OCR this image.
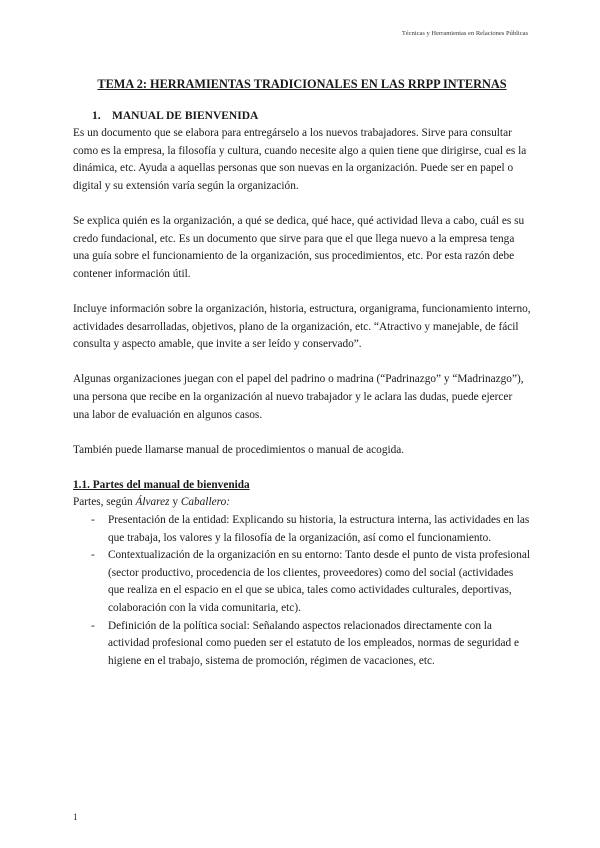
Técnicas y Herramientas en Relaciones Públicas
TEMA 2: HERRAMIENTAS TRADICIONALES EN LAS RRPP INTERNAS
1. MANUAL DE BIENVENIDA

Es un documento que se elabora para entregárselo a los nuevos trabajadores. Sirve para consultar como es la empresa, la filosofía y cultura, cuando necesite algo a quien tiene que dirigirse, cual es la dinámica, etc. Ayuda a aquellas personas que son nuevas en la organización. Puede ser en papel o digital y su extensión varía según la organización.

Se explica quién es la organización, a qué se dedica, qué hace, qué actividad lleva a cabo, cuál es su credo fundacional, etc. Es un documento que sirve para que el que llega nuevo a la empresa tenga una guía sobre el funcionamiento de la organización, sus procedimientos, etc. Por esta razón debe contener información útil.

Incluye información sobre la organización, historia, estructura, organigrama, funcionamiento interno, actividades desarrolladas, objetivos, plano de la organización, etc. “Atractivo y manejable, de fácil consulta y aspecto amable, que invite a ser leído y conservado”.

Algunas organizaciones juegan con el papel del padrino o madrina (“Padrinazgo” y “Madrinazgo”), una persona que recibe en la organización al nuevo trabajador y le aclara las dudas, puede ejercer una labor de evaluación en algunos casos.

También puede llamarse manual de procedimientos o manual de acogida.

1.1. Partes del manual de bienvenida

Partes, según Álvarez y Caballero:

- Presentación de la entidad: Explicando su historia, la estructura interna, las actividades en las que trabaja, los valores y la filosofía de la organización, así como el funcionamiento.
- Contextualización de la organización en su entorno: Tanto desde el punto de vista profesional (sector productivo, procedencia de los clientes, proveedores) como del social (actividades que realiza en el espacio en el que se ubica, tales como actividades culturales, deportivas, colaboración con la vida comunitaria, etc).
- Definición de la política social: Señalando aspectos relacionados directamente con la actividad profesional como pueden ser el estatuto de los empleados, normas de seguridad e higiene en el trabajo, sistema de promoción, régimen de vacaciones, etc.
1
